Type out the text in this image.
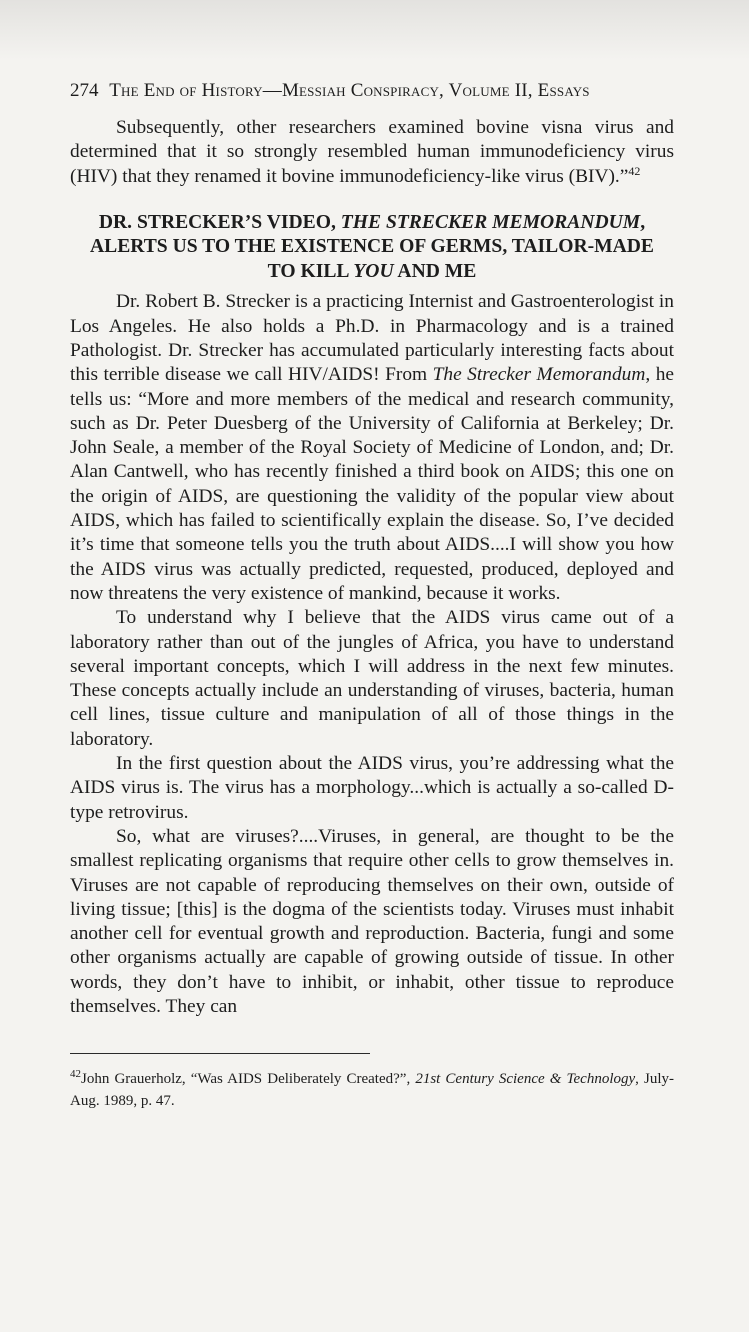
274 The End of History—Messiah Conspiracy, Volume II, Essays

Subsequently, other researchers examined bovine visna virus and determined that it so strongly resembled human immunodeficiency virus (HIV) that they renamed it bovine immunodeficiency-like virus (BIV).”$^{42}$

DR. STRECKER’S VIDEO, THE STRECKER MEMORANDUM, ALERTS US TO THE EXISTENCE OF GERMS, TAILOR-MADE TO KILL YOU AND ME

Dr. Robert B. Strecker is a practicing Internist and Gastroenterologist in Los Angeles. He also holds a Ph.D. in Pharmacology and is a trained Pathologist. Dr. Strecker has accumulated particularly interesting facts about this terrible disease we call HIV/AIDS! From The Strecker Memorandum, he tells us: “More and more members of the medical and research community, such as Dr. Peter Duesberg of the University of California at Berkeley; Dr. John Seale, a member of the Royal Society of Medicine of London, and; Dr. Alan Cantwell, who has recently finished a third book on AIDS; this one on the origin of AIDS, are questioning the validity of the popular view about AIDS, which has failed to scientifically explain the disease. So, I’ve decided it’s time that someone tells you the truth about AIDS....I will show you how the AIDS virus was actually predicted, requested, produced, deployed and now threatens the very existence of mankind, because it works.

To understand why I believe that the AIDS virus came out of a laboratory rather than out of the jungles of Africa, you have to understand several important concepts, which I will address in the next few minutes. These concepts actually include an understanding of viruses, bacteria, human cell lines, tissue culture and manipulation of all of those things in the laboratory.

In the first question about the AIDS virus, you’re addressing what the AIDS virus is. The virus has a morphology...which is actually a so-called D-type retrovirus.

So, what are viruses?....Viruses, in general, are thought to be the smallest replicating organisms that require other cells to grow themselves in. Viruses are not capable of reproducing themselves on their own, outside of living tissue; [this] is the dogma of the scientists today. Viruses must inhabit another cell for eventual growth and reproduction. Bacteria, fungi and some other organisms actually are capable of growing outside of tissue. In other words, they don’t have to inhibit, or inhabit, other tissue to reproduce themselves. They can

$^{42}$John Grauerholz, “Was AIDS Deliberately Created?”, 21st Century Science & Technology, July-Aug. 1989, p. 47.
